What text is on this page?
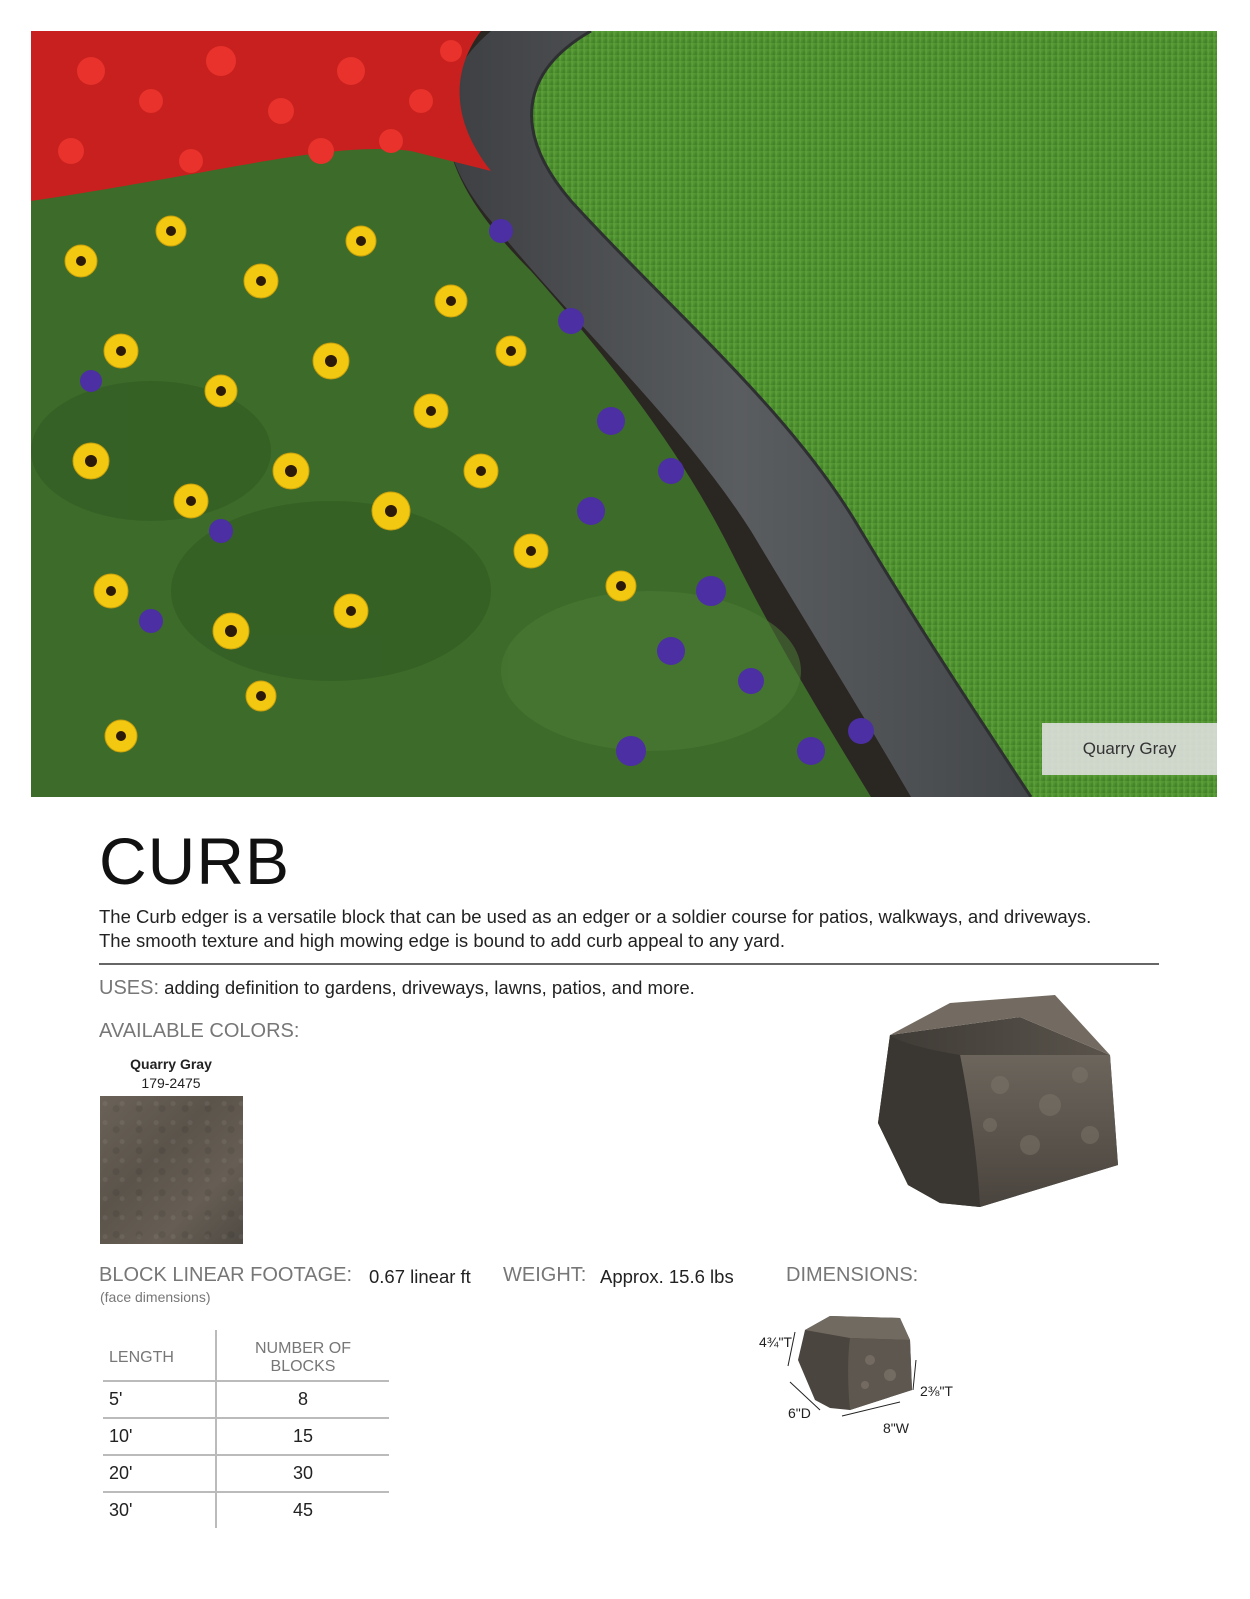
Quarry Gray
CURB
The Curb edger is a versatile block that can be used as an edger or a soldier course for patios, walkways, and driveways.
The smooth texture and high mowing edge is bound to add curb appeal to any yard.
USES: adding definition to gardens, driveways, lawns, patios, and more.
AVAILABLE COLORS:
Quarry Gray
179-2475
BLOCK LINEAR FOOTAGE: 0.67 linear ft
(face dimensions)
WEIGHT: Approx. 15.6 lbs	DIMENSIONS:
4¾"T
2⅜"T
6"D
8"W
LENGTH	NUMBER OF BLOCKS
5'	8
10'	15
20'	30
30'	45
